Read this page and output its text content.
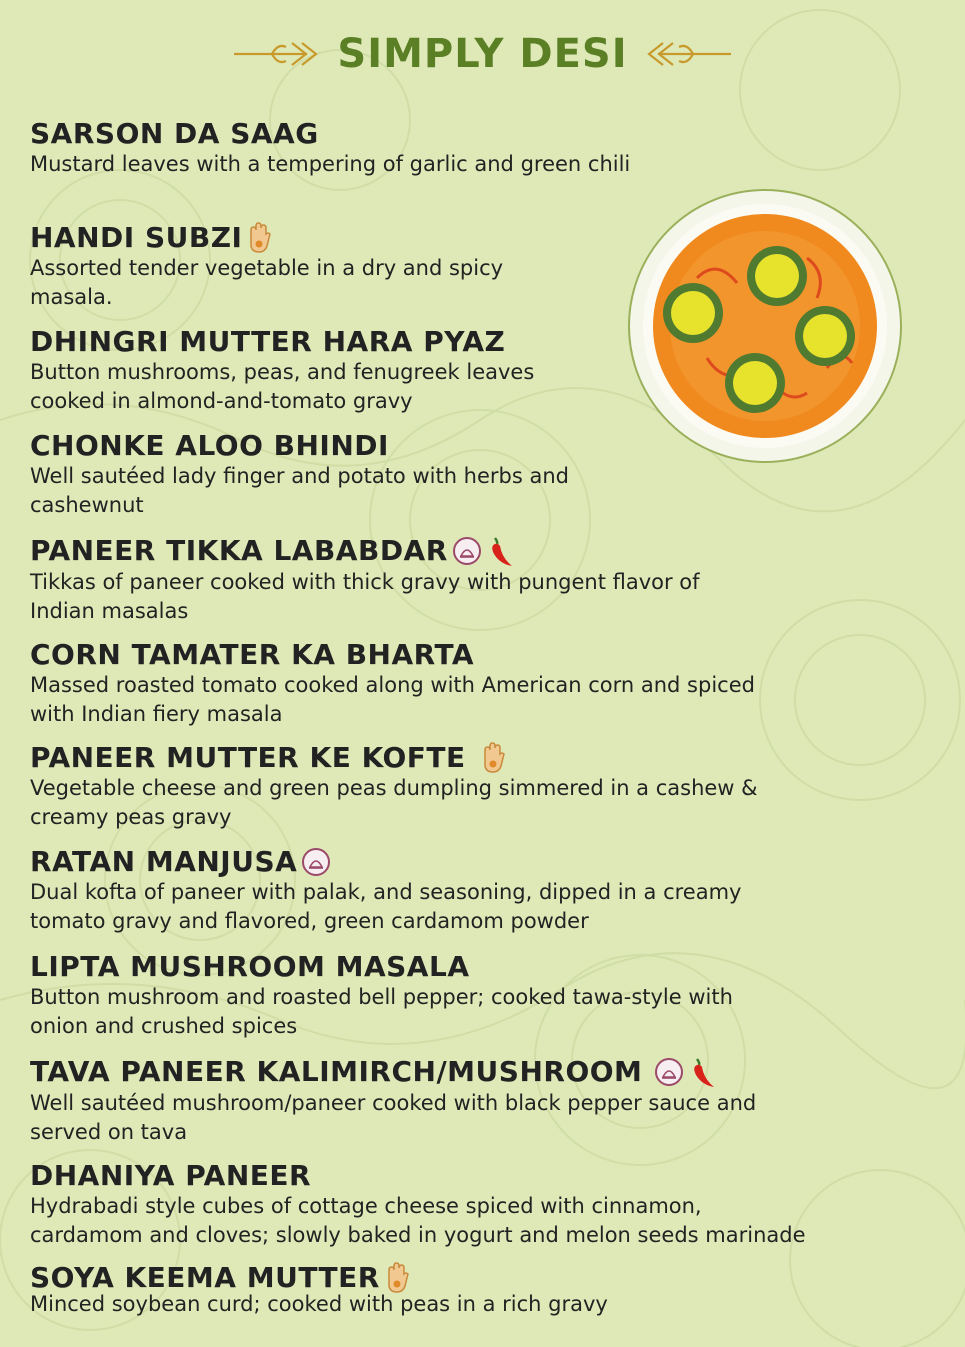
SIMPLY DESI
SARSON DA SAAG
Mustard leaves with a tempering of garlic and green chili
HANDI SUBZI
Assorted tender vegetable in a dry and spicy
masala.
DHINGRI MUTTER HARA PYAZ
Button mushrooms, peas, and fenugreek leaves
cooked in almond-and-tomato gravy
CHONKE ALOO BHINDI
Well sautéed lady finger and potato with herbs and
cashewnut
PANEER TIKKA LABABDAR
Tikkas of paneer cooked with thick gravy with pungent flavor of
Indian masalas
CORN TAMATER KA BHARTA
Massed roasted tomato cooked along with American corn and spiced
with Indian fiery masala
PANEER MUTTER KE KOFTE
Vegetable cheese and green peas dumpling simmered in a cashew &
creamy peas gravy
RATAN MANJUSA
Dual kofta of paneer with palak, and seasoning, dipped in a creamy
tomato gravy and flavored, green cardamom powder
LIPTA MUSHROOM MASALA
Button mushroom and roasted bell pepper; cooked tawa-style with
onion and crushed spices
TAVA PANEER KALIMIRCH/MUSHROOM
Well sautéed mushroom/paneer cooked with black pepper sauce and
served on tava
DHANIYA PANEER
Hydrabadi style cubes of cottage cheese spiced with cinnamon,
cardamom and cloves; slowly baked in yogurt and melon seeds marinade
SOYA KEEMA MUTTER
Minced soybean curd; cooked with peas in a rich gravy
